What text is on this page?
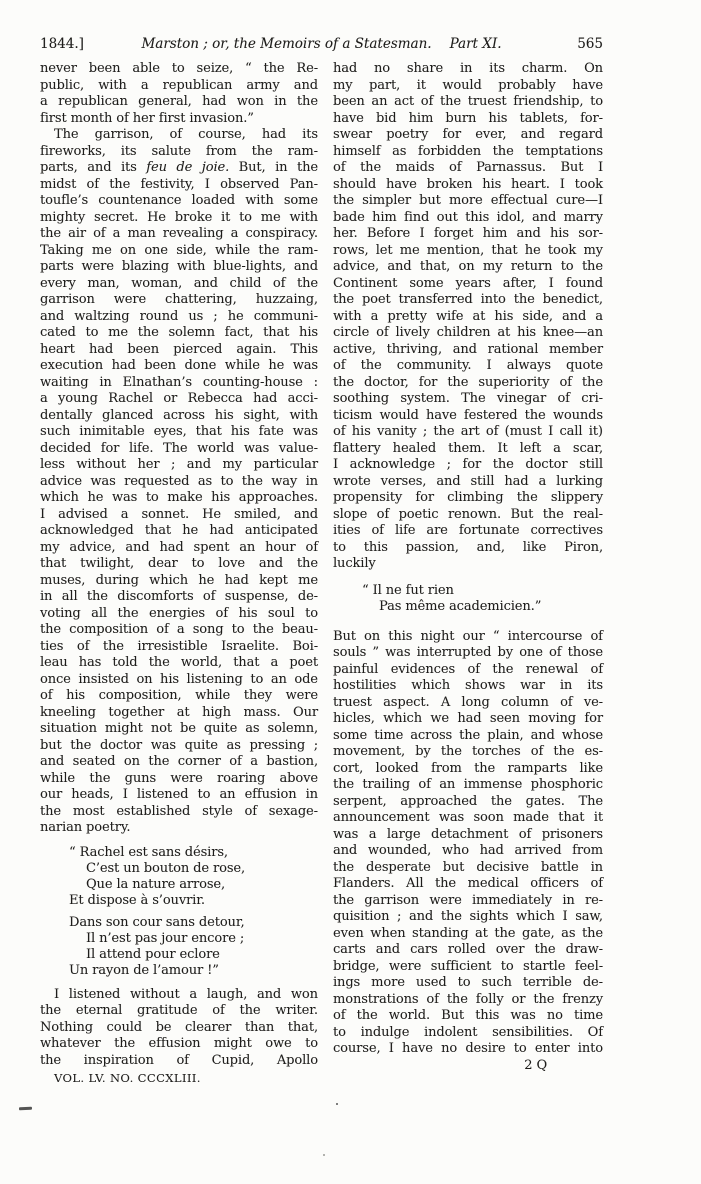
1844.]	Marston ; or, the Memoirs of a Statesman. Part XI.	565
never been able to seize, “ the Re-
public, with a republican army and
a republican general, had won in the
first month of her first invasion.”
The garrison, of course, had its
fireworks, its salute from the ram-
parts, and its feu de joie. But, in the
midst of the festivity, I observed Pan-
toufle’s countenance loaded with some
mighty secret. He broke it to me with
the air of a man revealing a conspiracy.
Taking me on one side, while the ram-
parts were blazing with blue-lights, and
every man, woman, and child of the
garrison were chattering, huzzaing,
and waltzing round us ; he communi-
cated to me the solemn fact, that his
heart had been pierced again. This
execution had been done while he was
waiting in Elnathan’s counting-house :
a young Rachel or Rebecca had acci-
dentally glanced across his sight, with
such inimitable eyes, that his fate was
decided for life. The world was value-
less without her ; and my particular
advice was requested as to the way in
which he was to make his approaches.
I advised a sonnet. He smiled, and
acknowledged that he had anticipated
my advice, and had spent an hour of
that twilight, dear to love and the
muses, during which he had kept me
in all the discomforts of suspense, de-
voting all the energies of his soul to
the composition of a song to the beau-
ties of the irresistible Israelite. Boi-
leau has told the world, that a poet
once insisted on his listening to an ode
of his composition, while they were
kneeling together at high mass. Our
situation might not be quite as solemn,
but the doctor was quite as pressing ;
and seated on the corner of a bastion,
while the guns were roaring above
our heads, I listened to an effusion in
the most established style of sexage-
narian poetry.
“ Rachel est sans désirs,
C’est un bouton de rose,
Que la nature arrose,
Et dispose à s’ouvrir.
Dans son cour sans detour,
Il n’est pas jour encore ;
Il attend pour eclore
Un rayon de l’amour !”
I listened without a laugh, and won
the eternal gratitude of the writer.
Nothing could be clearer than that,
whatever the effusion might owe to
the inspiration of Cupid, Apollo
VOL. LV. NO. CCCXLIII.
had no share in its charm. On
my part, it would probably have
been an act of the truest friendship, to
have bid him burn his tablets, for-
swear poetry for ever, and regard
himself as forbidden the temptations
of the maids of Parnassus. But I
should have broken his heart. I took
the simpler but more effectual cure—I
bade him find out this idol, and marry
her. Before I forget him and his sor-
rows, let me mention, that he took my
advice, and that, on my return to the
Continent some years after, I found
the poet transferred into the benedict,
with a pretty wife at his side, and a
circle of lively children at his knee—an
active, thriving, and rational member
of the community. I always quote
the doctor, for the superiority of the
soothing system. The vinegar of cri-
ticism would have festered the wounds
of his vanity ; the art of (must I call it)
flattery healed them. It left a scar,
I acknowledge ; for the doctor still
wrote verses, and still had a lurking
propensity for climbing the slippery
slope of poetic renown. But the real-
ities of life are fortunate correctives
to this passion, and, like Piron,
luckily
“ Il ne fut rien
Pas même academicien.”
But on this night our “ intercourse of
souls ” was interrupted by one of those
painful evidences of the renewal of
hostilities which shows war in its
truest aspect. A long column of ve-
hicles, which we had seen moving for
some time across the plain, and whose
movement, by the torches of the es-
cort, looked from the ramparts like
the trailing of an immense phosphoric
serpent, approached the gates. The
announcement was soon made that it
was a large detachment of prisoners
and wounded, who had arrived from
the desperate but decisive battle in
Flanders. All the medical officers of
the garrison were immediately in re-
quisition ; and the sights which I saw,
even when standing at the gate, as the
carts and cars rolled over the draw-
bridge, were sufficient to startle feel-
ings more used to such terrible de-
monstrations of the folly or the frenzy
of the world. But this was no time
to indulge indolent sensibilities. Of
course, I have no desire to enter into
2 Q
